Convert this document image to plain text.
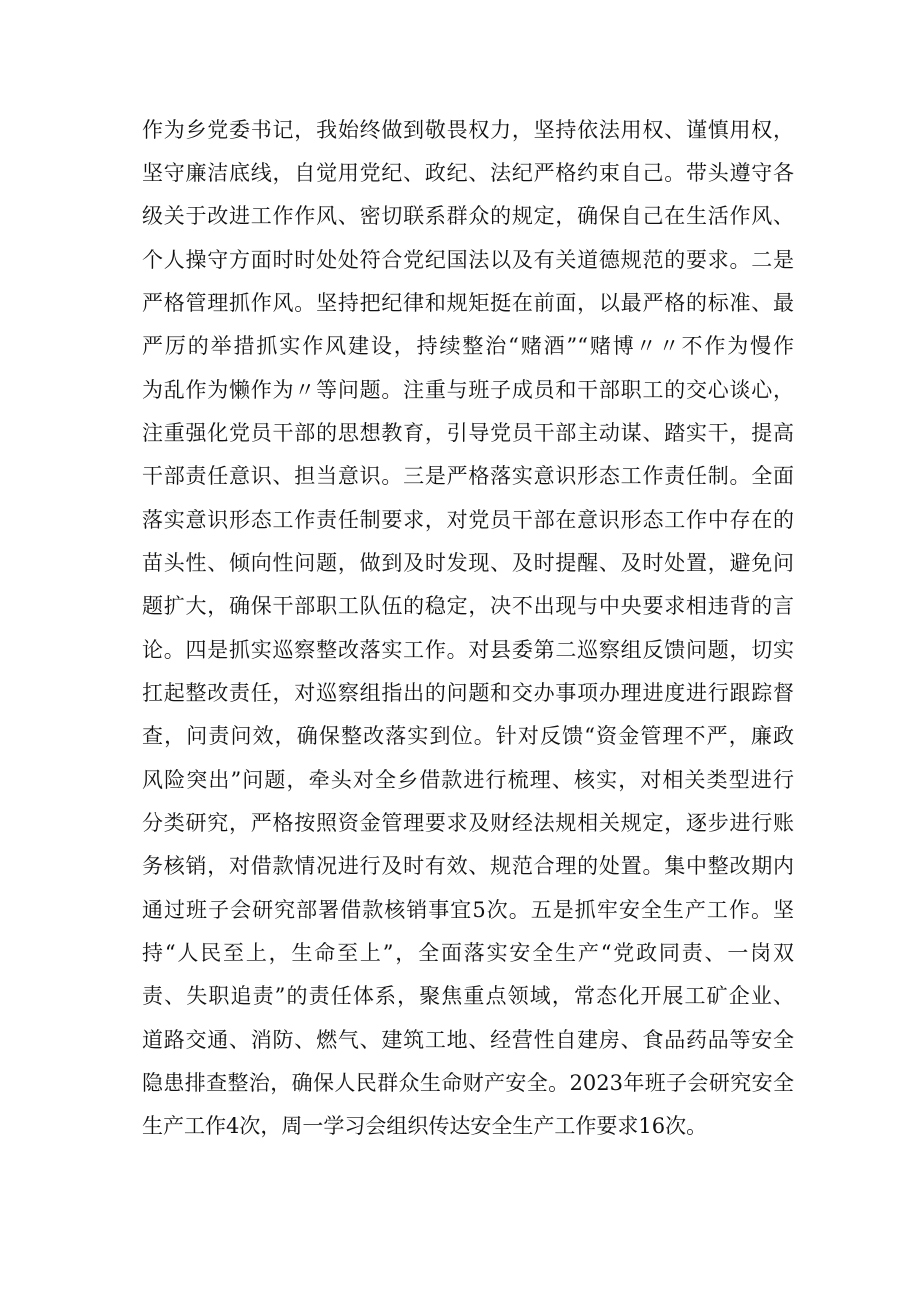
作为乡党委书记，我始终做到敬畏权力，坚持依法用权、谨慎用权，
坚守廉洁底线，自觉用党纪、政纪、法纪严格约束自己。带头遵守各
级关于改进工作作风、密切联系群众的规定，确保自己在生活作风、
个人操守方面时时处处符合党纪国法以及有关道德规范的要求。二是
严格管理抓作风。坚持把纪律和规矩挺在前面，以最严格的标准、最
严厉的举措抓实作风建设，持续整治“赌酒”“赌博〃〃不作为慢作
为乱作为懒作为〃等问题。注重与班子成员和干部职工的交心谈心，
注重强化党员干部的思想教育，引导党员干部主动谋、踏实干，提高
干部责任意识、担当意识。三是严格落实意识形态工作责任制。全面
落实意识形态工作责任制要求，对党员干部在意识形态工作中存在的
苗头性、倾向性问题，做到及时发现、及时提醒、及时处置，避免问
题扩大，确保干部职工队伍的稳定，决不出现与中央要求相违背的言
论。四是抓实巡察整改落实工作。对县委第二巡察组反馈问题，切实
扛起整改责任，对巡察组指出的问题和交办事项办理进度进行跟踪督
查，问责问效，确保整改落实到位。针对反馈“资金管理不严，廉政
风险突出”问题，牵头对全乡借款进行梳理、核实，对相关类型进行
分类研究，严格按照资金管理要求及财经法规相关规定，逐步进行账
务核销，对借款情况进行及时有效、规范合理的处置。集中整改期内
通过班子会研究部署借款核销事宜5次。五是抓牢安全生产工作。坚
持“人民至上，生命至上”，全面落实安全生产“党政同责、一岗双
责、失职追责”的责任体系，聚焦重点领域，常态化开展工矿企业、
道路交通、消防、燃气、建筑工地、经营性自建房、食品药品等安全
隐患排查整治，确保人民群众生命财产安全。2023年班子会研究安全
生产工作4次，周一学习会组织传达安全生产工作要求16次。
